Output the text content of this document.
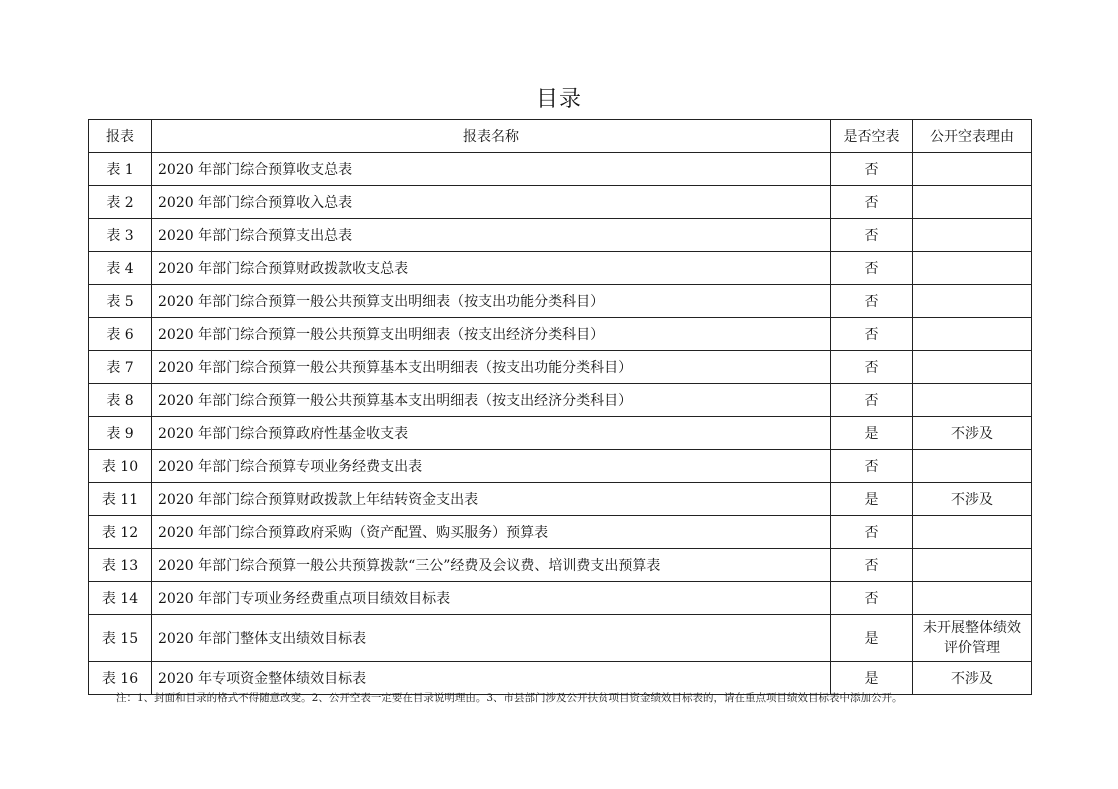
目录
报表	报表名称	是否空表	公开空表理由
表 1	2020 年部门综合预算收支总表	否	
表 2	2020 年部门综合预算收入总表	否	
表 3	2020 年部门综合预算支出总表	否	
表 4	2020 年部门综合预算财政拨款收支总表	否	
表 5	2020 年部门综合预算一般公共预算支出明细表（按支出功能分类科目）	否	
表 6	2020 年部门综合预算一般公共预算支出明细表（按支出经济分类科目）	否	
表 7	2020 年部门综合预算一般公共预算基本支出明细表（按支出功能分类科目）	否	
表 8	2020 年部门综合预算一般公共预算基本支出明细表（按支出经济分类科目）	否	
表 9	2020 年部门综合预算政府性基金收支表	是	不涉及
表 10	2020 年部门综合预算专项业务经费支出表	否	
表 11	2020 年部门综合预算财政拨款上年结转资金支出表	是	不涉及
表 12	2020 年部门综合预算政府采购（资产配置、购买服务）预算表	否	
表 13	2020 年部门综合预算一般公共预算拨款“三公”经费及会议费、培训费支出预算表	否	
表 14	2020 年部门专项业务经费重点项目绩效目标表	否	
表 15	2020 年部门整体支出绩效目标表	是	未开展整体绩效评价管理
表 16	2020 年专项资金整体绩效目标表	是	不涉及
注：1、封面和目录的格式不得随意改变。2、公开空表一定要在目录说明理由。3、市县部门涉及公开扶贫项目资金绩效目标表的，请在重点项目绩效目标表中添加公开。
